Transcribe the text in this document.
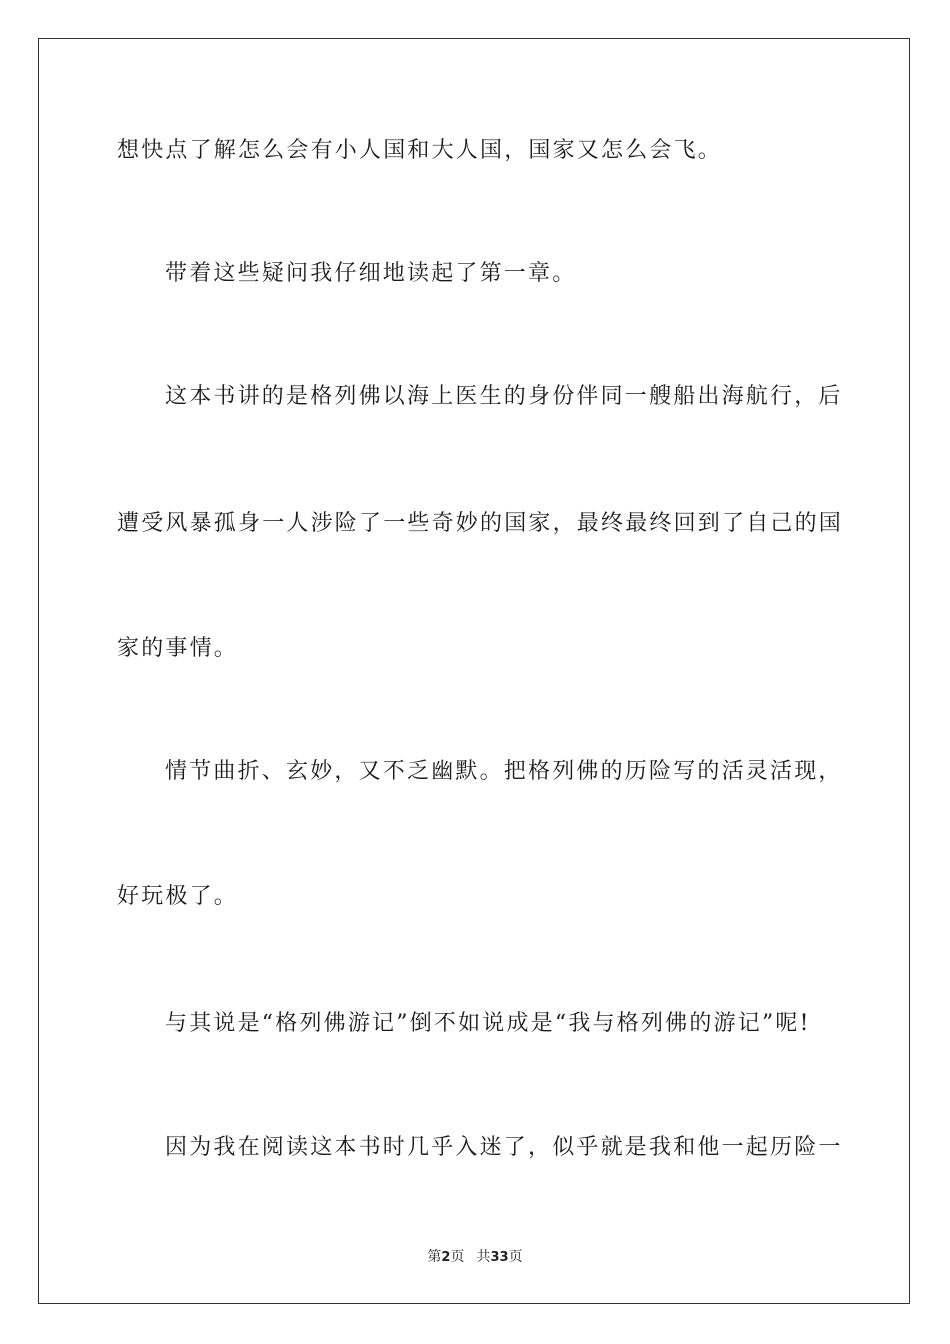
想快点了解怎么会有小人国和大人国，国家又怎么会飞。
带着这些疑问我仔细地读起了第一章。
这本书讲的是格列佛以海上医生的身份伴同一艘船出海航行，后
遭受风暴孤身一人涉险了一些奇妙的国家，最终最终回到了自己的国
家的事情。
情节曲折、玄妙，又不乏幽默。把格列佛的历险写的活灵活现，
好玩极了。
与其说是“格列佛游记”倒不如说成是“我与格列佛的游记”呢!
因为我在阅读这本书时几乎入迷了，似乎就是我和他一起历险一
第2页 共33页
